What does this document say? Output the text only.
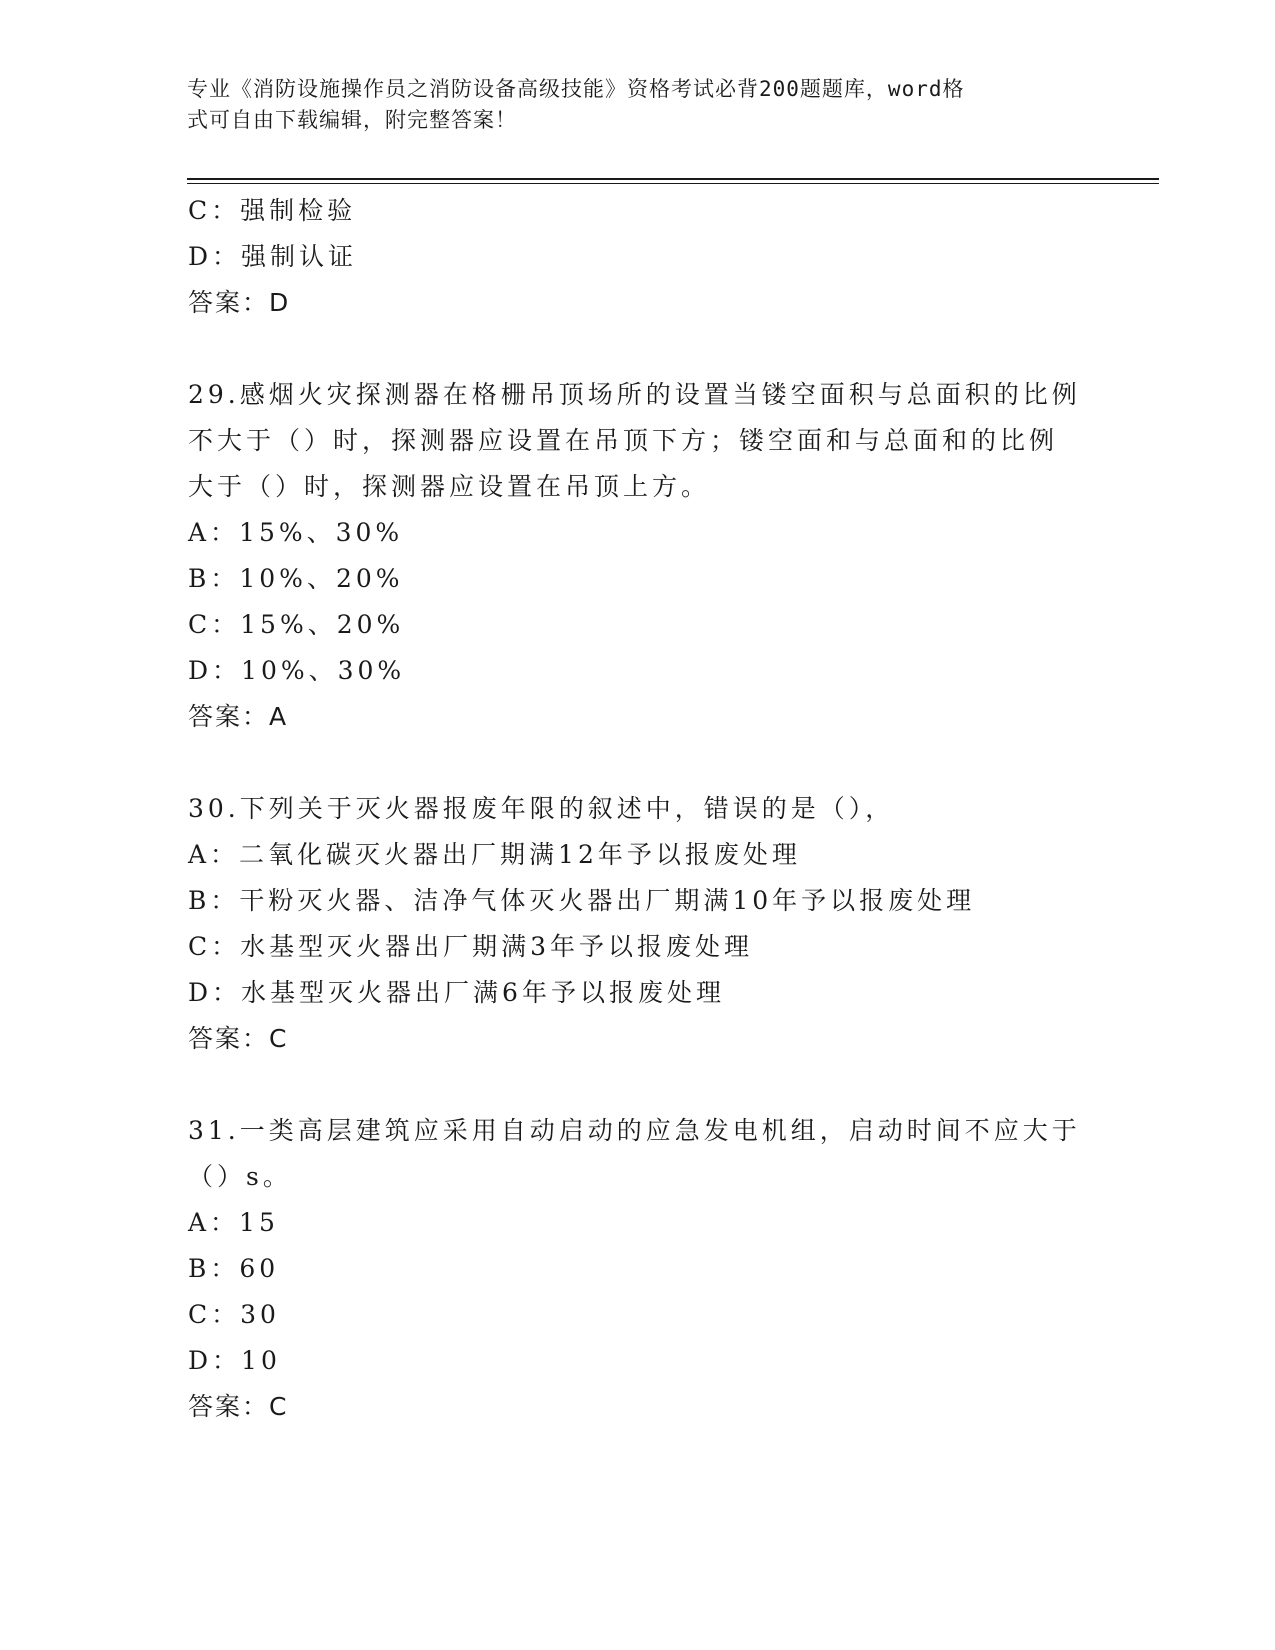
专业《消防设施操作员之消防设备高级技能》资格考试必背200题题库，word格
式可自由下载编辑，附完整答案！
C：强制检验
D：强制认证
答案：D
29.感烟火灾探测器在格栅吊顶场所的设置当镂空面积与总面积的比例
不大于（）时，探测器应设置在吊顶下方；镂空面和与总面和的比例
大于（）时，探测器应设置在吊顶上方。
A：15%、30%
B：10%、20%
C：15%、20%
D：10%、30%
答案：A
30.下列关于灭火器报废年限的叙述中，错误的是（），
A：二氧化碳灭火器出厂期满12年予以报废处理
B：干粉灭火器、洁净气体灭火器出厂期满10年予以报废处理
C：水基型灭火器出厂期满3年予以报废处理
D：水基型灭火器出厂满6年予以报废处理
答案：C
31.一类高层建筑应采用自动启动的应急发电机组，启动时间不应大于
（）s。
A：15
B：60
C：30
D：10
答案：C
